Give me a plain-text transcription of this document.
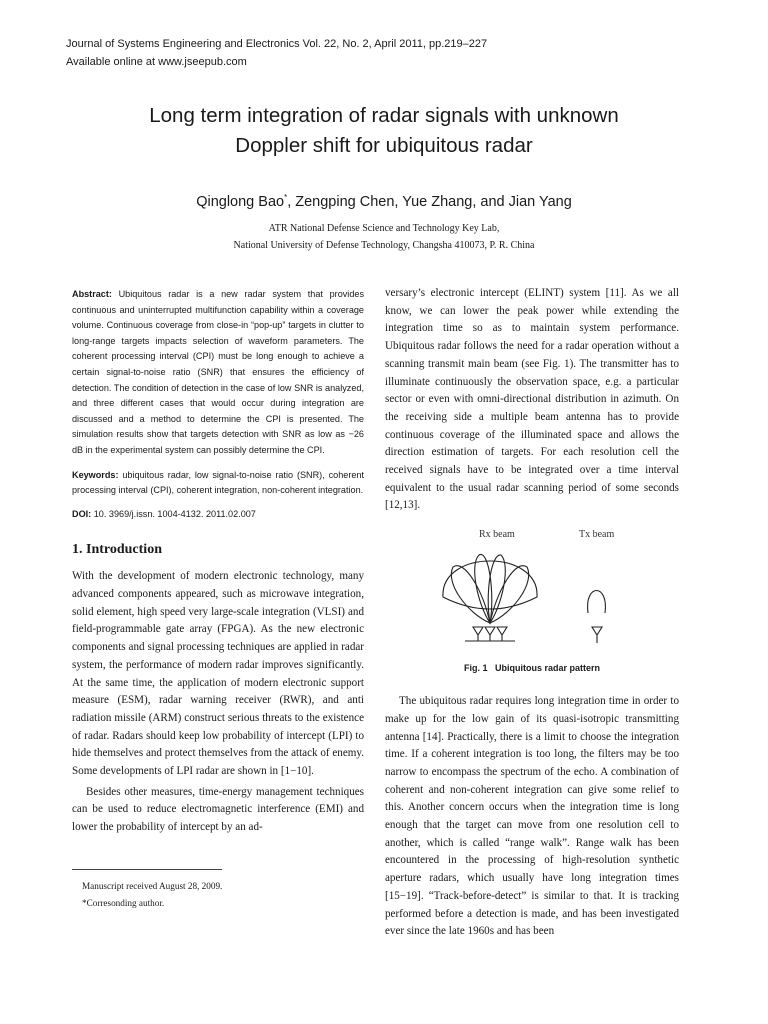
Journal of Systems Engineering and Electronics Vol. 22, No. 2, April 2011, pp.219–227
Available online at www.jseepub.com
Long term integration of radar signals with unknown
Doppler shift for ubiquitous radar
Qinglong Bao*, Zengping Chen, Yue Zhang, and Jian Yang
ATR National Defense Science and Technology Key Lab,
National University of Defense Technology, Changsha 410073, P. R. China

Abstract: Ubiquitous radar is a new radar system that provides continuous and uninterrupted multifunction capability within a coverage volume. Continuous coverage from close-in “pop-up” targets in clutter to long-range targets impacts selection of waveform parameters. The coherent processing interval (CPI) must be long enough to achieve a certain signal-to-noise ratio (SNR) that ensures the efficiency of detection. The condition of detection in the case of low SNR is analyzed, and three different cases that would occur during integration are discussed and a method to determine the CPI is presented. The simulation results show that targets detection with SNR as low as −26 dB in the experimental system can possibly determine the CPI.

Keywords: ubiquitous radar, low signal-to-noise ratio (SNR), coherent processing interval (CPI), coherent integration, non-coherent integration.

DOI: 10. 3969/j.issn. 1004-4132. 2011.02.007

1. Introduction

With the development of modern electronic technology, many advanced components appeared, such as microwave integration, solid element, high speed very large-scale integration (VLSI) and field-programmable gate array (FPGA). As the new electronic components and signal processing techniques are applied in radar system, the performance of modern radar improves significantly. At the same time, the application of modern electronic support measure (ESM), radar warning receiver (RWR), and anti radiation missile (ARM) construct serious threats to the existence of radar. Radars should keep low probability of intercept (LPI) to hide themselves and protect themselves from the attack of enemy. Some developments of LPI radar are shown in [1−10].

Besides other measures, time-energy management techniques can be used to reduce electromagnetic interference (EMI) and lower the probability of intercept by an ad-

Manuscript received August 28, 2009.

*Corresonding author.

versary’s electronic intercept (ELINT) system [11]. As we all know, we can lower the peak power while extending the integration time so as to maintain system performance. Ubiquitous radar follows the need for a radar operation without a scanning transmit main beam (see Fig. 1). The transmitter has to illuminate continuously the observation space, e.g. a particular sector or even with omni-directional distribution in azimuth. On the receiving side a multiple beam antenna has to provide continuous coverage of the illuminated space and allows the direction estimation of targets. For each resolution cell the received signals have to be integrated over a time interval equivalent to the usual radar scanning period of some seconds [12,13].

Rx beam	Tx beam
Fig. 1 Ubiquitous radar pattern

The ubiquitous radar requires long integration time in order to make up for the low gain of its quasi-isotropic transmitting antenna [14]. Practically, there is a limit to choose the integration time. If a coherent integration is too long, the filters may be too narrow to encompass the spectrum of the echo. A combination of coherent and non-coherent integration can give some relief to this. Another concern occurs when the integration time is long enough that the target can move from one resolution cell to another, which is called “range walk”. Range walk has been encountered in the processing of high-resolution synthetic aperture radars, which usually have long integration times [15−19]. “Track-before-detect” is similar to that. It is tracking performed before a detection is made, and has been investigated ever since the late 1960s and has been
